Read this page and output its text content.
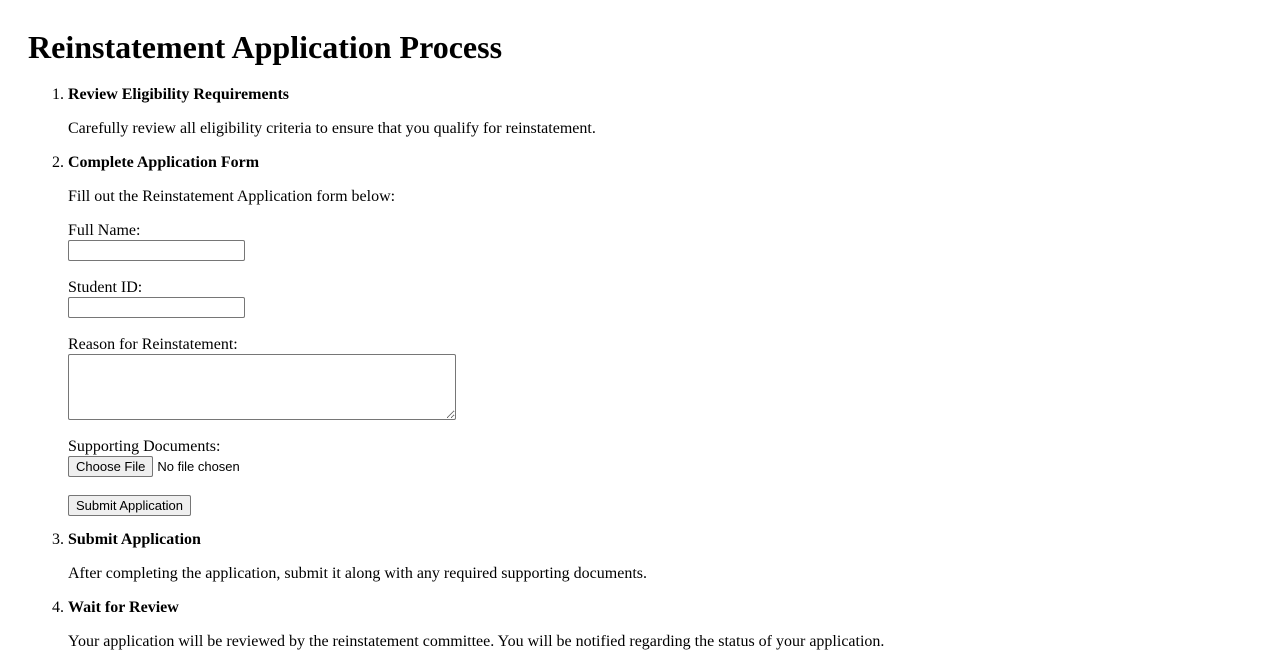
Reinstatement Application Process
1. Review Eligibility Requirements
Carefully review all eligibility criteria to ensure that you qualify for reinstatement.
2. Complete Application Form
Fill out the Reinstatement Application form below:
Full Name:
Student ID:
Reason for Reinstatement:
Supporting Documents:
Choose File No file chosen
Submit Application
3. Submit Application
After completing the application, submit it along with any required supporting documents.
4. Wait for Review
Your application will be reviewed by the reinstatement committee. You will be notified regarding the status of your application.
